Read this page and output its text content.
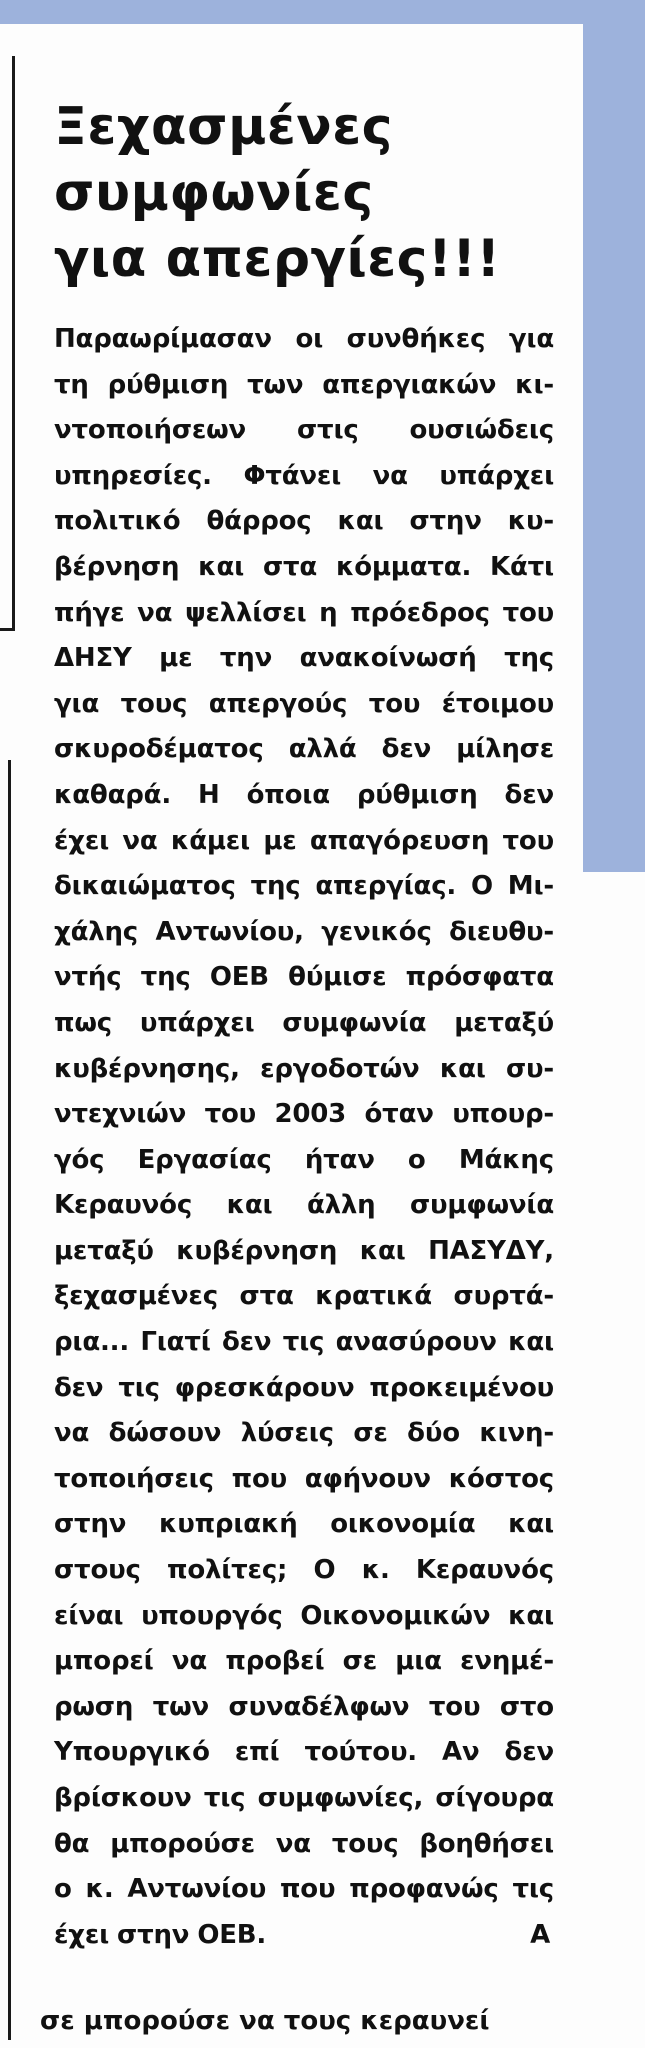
Ξεχασμένες
συμφωνίες
για απεργίες!!!
Παραωρίμασαν οι συνθήκες για
τη ρύθμιση των απεργιακών κι-
ντοποιήσεων στις ουσιώδεις
υπηρεσίες. Φτάνει να υπάρχει
πολιτικό θάρρος και στην κυ-
βέρνηση και στα κόμματα. Κάτι
πήγε να ψελλίσει η πρόεδρος του
ΔΗΣΥ με την ανακοίνωσή της
για τους απεργούς του έτοιμου
σκυροδέματος αλλά δεν μίλησε
καθαρά. Η όποια ρύθμιση δεν
έχει να κάμει με απαγόρευση του
δικαιώματος της απεργίας. Ο Μι-
χάλης Αντωνίου, γενικός διευθυ-
ντής της ΟΕΒ θύμισε πρόσφατα
πως υπάρχει συμφωνία μεταξύ
κυβέρνησης, εργοδοτών και συ-
ντεχνιών του 2003 όταν υπουρ-
γός Εργασίας ήταν ο Μάκης
Κεραυνός και άλλη συμφωνία
μεταξύ κυβέρνηση και ΠΑΣΥΔΥ,
ξεχασμένες στα κρατικά συρτά-
ρια... Γιατί δεν τις ανασύρουν και
δεν τις φρεσκάρουν προκειμένου
να δώσουν λύσεις σε δύο κινη-
τοποιήσεις που αφήνουν κόστος
στην κυπριακή οικονομία και
στους πολίτες; Ο κ. Κεραυνός
είναι υπουργός Οικονομικών και
μπορεί να προβεί σε μια ενημέ-
ρωση των συναδέλφων του στο
Υπουργικό επί τούτου. Αν δεν
βρίσκουν τις συμφωνίες, σίγουρα
θα μπορούσε να τους βοηθήσει
ο κ. Αντωνίου που προφανώς τις
έχει στην ΟΕΒ.	Α
σε μπορούσε να τους κεραυνεί
